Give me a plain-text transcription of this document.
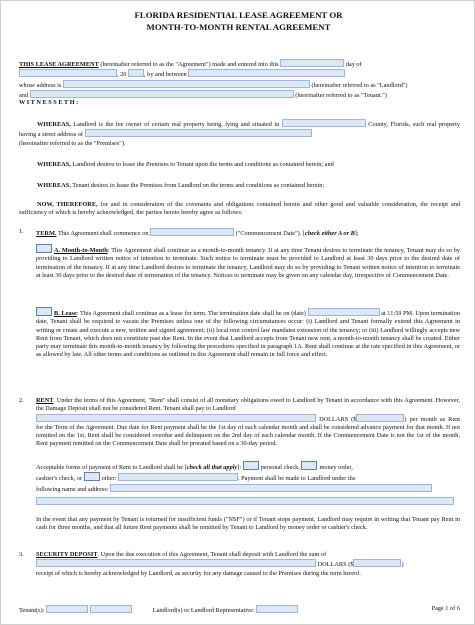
FLORIDA RESIDENTIAL LEASE AGREEMENT OR
MONTH-TO-MONTH RENTAL AGREEMENT
THIS LEASE AGREEMENT (hereinafter referred to as the "Agreement") made and entered into this	day of
, 20	, by and between
whose address is	(hereinafter referred to as "Landlord")
and	(hereinafter referred to as "Tenant.")
W I T N E S S E T H :
WHEREAS, Landlord is the fee owner of certain real property being, lying and situated in	County, Florida, such real property having a street address of
(hereinafter referred to as the "Premises").
WHEREAS, Landlord desires to lease the Premises to Tenant upon the terms and conditions as contained herein; and
WHEREAS, Tenant desires to lease the Premises from Landlord on the terms and conditions as contained herein;
NOW, THEREFORE, for and in consideration of the covenants and obligations contained herein and other good and valuable consideration, the receipt and sufficiency of which is hereby acknowledged, the parties hereto hereby agree as follows:
1. TERM. This Agreement shall commence on	("Commencement Date"). [check either A or B];
A. Month-to-Month: This Agreement shall continue as a month-to-month tenancy. If at any time Tenant desires to terminate the tenancy, Tenant may do so by providing to Landlord written notice of intention to terminate. Such notice to terminate must be provided to Landlord at least 30 days prior to the desired date of termination of the tenancy. If at any time Landlord desires to terminate the tenancy, Landlord may do so by providing to Tenant written notice of intention to terminate at least 30 days prior to the desired date of termination of the tenancy. Notices to terminate may be given on any calendar day, irrespective of Commencement Date.
B. Lease: This Agreement shall continue as a lease for term. The termination date shall be on (date)	at 11:59 PM. Upon termination date, Tenant shall be required to vacate the Premises unless one of the following circumstances occur: (i) Landlord and Tenant formally extend this Agreement in writing or create and execute a new, written and signed agreement; (ii) local rent control law mandates extension of the tenancy; or (iii) Landlord willingly accepts new Rent from Tenant, which does not constitute past due Rent. In the event that Landlord accepts from Tenant new rent, a month-to-month tenancy shall be created. Either party may terminate this month-to-month tenancy by following the procedures specified in paragraph 1A. Rent shall continue at the rate specified in this Agreement, or as allowed by law. All other terms and conditions as outlined in this Agreement shall remain in full force and effect.
2. RENT. Under the terms of this Agreement, "Rent" shall consist of all monetary obligations owed to Landlord by Tenant in accordance with this Agreement. However, the Damage Deposit shall not be considered Rent. Tenant shall pay to Landlord
DOLLARS ($	) per month as Rent for the Term of the Agreement. Due date for Rent payment shall be the 1st day of each calendar month and shall be considered advance payment for that month. If not remitted on the 1st, Rent shall be considered overdue and delinquent on the 2nd day of each calendar month. If the Commencement Date is not the 1st of the month, Rent payment remitted on the Commencement Date shall be prorated based on a 30-day period.
Acceptable forms of payment of Rent to Landlord shall be [check all that apply]:	personal check,	money order,
cashier's check, or	other:	. Payment shall be made to Landlord under the
following name and address:

In the event that any payment by Tenant is returned for insufficient funds ("NSF") or if Tenant stops payment, Landlord may require in writing that Tenant pay Rent in cash for three months, and that all future Rent payments shall be remitted by Tenant to Landlord by money order or cashier's check.
3. SECURITY DEPOSIT. Upon the due execution of this Agreement, Tenant shall deposit with Landlord the sum of
DOLLARS ($	)
receipt of which is hereby acknowledged by Landlord, as security for any damage caused to the Premises during the term hereof.
Tenant(s):	Landlord(s) or Landlord Representative:	Page 1 of 6
